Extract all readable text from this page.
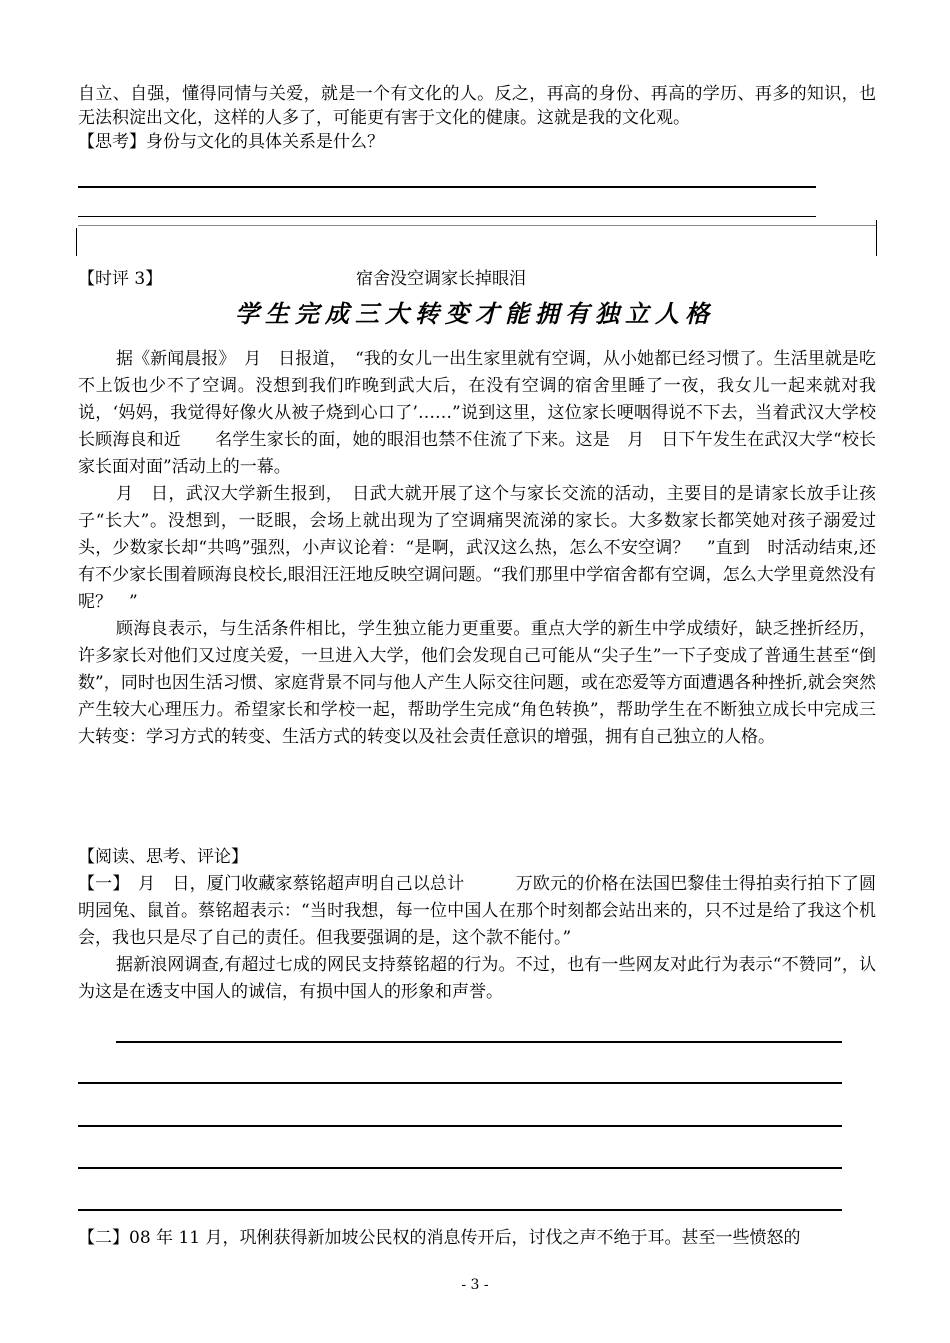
自立、自强，懂得同情与关爱，就是一个有文化的人。反之，再高的身份、再高的学历、再多的知识，也无法积淀出文化，这样的人多了，可能更有害于文化的健康。这就是我的文化观。

【思考】身份与文化的具体关系是什么？

【时评 3】	宿舍没空调家长掉眼泪
学生完成三大转变才能拥有独立人格

据《新闻晨报》　月　日报道，　“我的女儿一出生家里就有空调，从小她都已经习惯了。生活里就是吃不上饭也少不了空调。没想到我们昨晚到武大后，在没有空调的宿舍里睡了一夜，我女儿一起来就对我说，‘妈妈，我觉得好像火从被子烧到心口了’……”说到这里，这位家长哽咽得说不下去，当着武汉大学校长顾海良和近　　名学生家长的面，她的眼泪也禁不住流了下来。这是　月　日下午发生在武汉大学“校长家长面对面”活动上的一幕。

月　日，武汉大学新生报到，　日武大就开展了这个与家长交流的活动，主要目的是请家长放手让孩子“长大”。没想到，一眨眼，会场上就出现为了空调痛哭流涕的家长。大多数家长都笑她对孩子溺爱过头，少数家长却“共鸣”强烈，小声议论着：“是啊，武汉这么热，怎么不安空调？　”直到　时活动结束,还有不少家长围着顾海良校长,眼泪汪汪地反映空调问题。“我们那里中学宿舍都有空调，怎么大学里竟然没有呢？　”

顾海良表示，与生活条件相比，学生独立能力更重要。重点大学的新生中学成绩好，缺乏挫折经历，许多家长对他们又过度关爱，一旦进入大学，他们会发现自己可能从“尖子生”一下子变成了普通生甚至“倒数”，同时也因生活习惯、家庭背景不同与他人产生人际交往问题，或在恋爱等方面遭遇各种挫折,就会突然产生较大心理压力。希望家长和学校一起，帮助学生完成“角色转换”，帮助学生在不断独立成长中完成三大转变：学习方式的转变、生活方式的转变以及社会责任意识的增强，拥有自己独立的人格。

【阅读、思考、评论】

【一】　月　日，厦门收藏家蔡铭超声明自己以总计　　　万欧元的价格在法国巴黎佳士得拍卖行拍下了圆明园兔、鼠首。蔡铭超表示：“当时我想，每一位中国人在那个时刻都会站出来的，只不过是给了我这个机会，我也只是尽了自己的责任。但我要强调的是，这个款不能付。”

据新浪网调查,有超过七成的网民支持蔡铭超的行为。不过，也有一些网友对此行为表示“不赞同”，认为这是在透支中国人的诚信，有损中国人的形象和声誉。

【二】08 年 11 月，巩俐获得新加坡公民权的消息传开后，讨伐之声不绝于耳。甚至一些愤怒的

- 3 -
